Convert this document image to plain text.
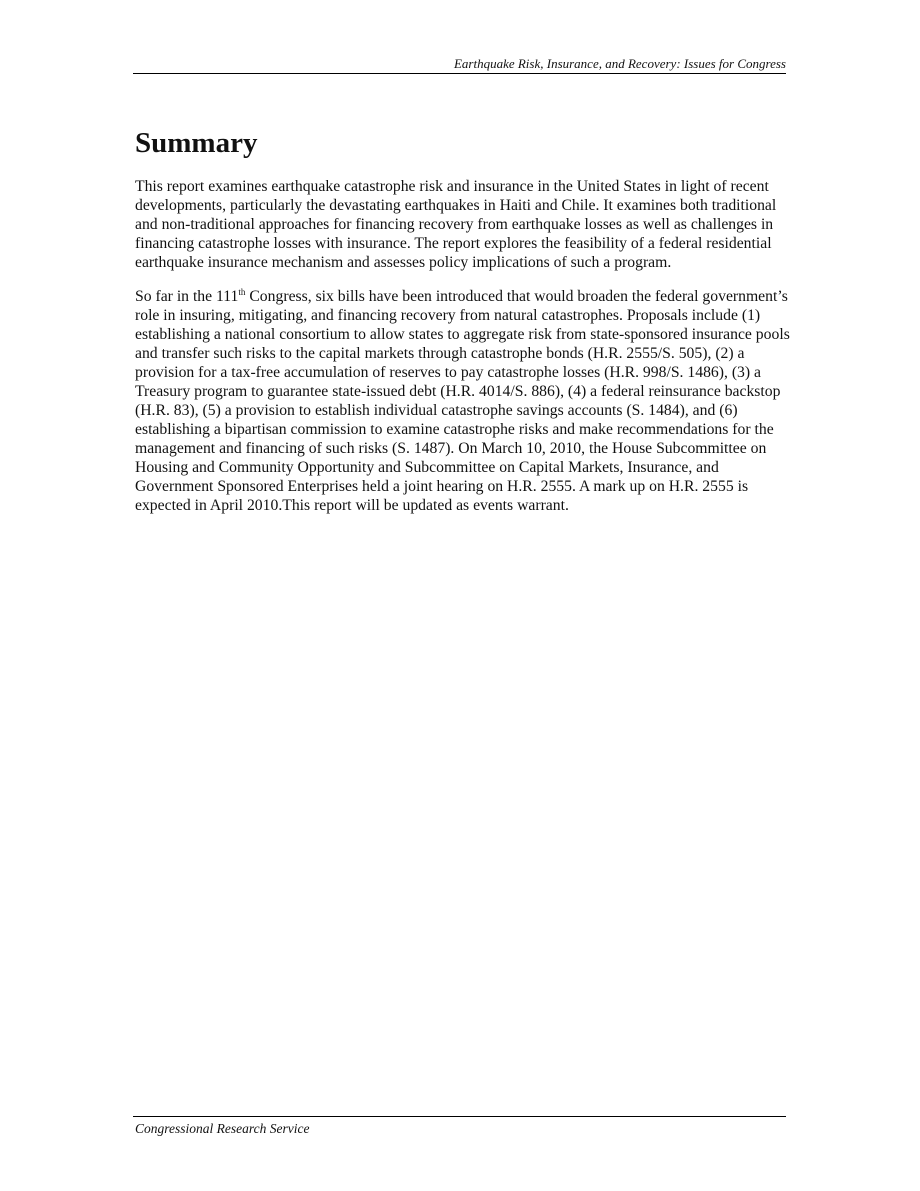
Earthquake Risk, Insurance, and Recovery: Issues for Congress
Summary

This report examines earthquake catastrophe risk and insurance in the United States in light of recent developments, particularly the devastating earthquakes in Haiti and Chile. It examines both traditional and non-traditional approaches for financing recovery from earthquake losses as well as challenges in financing catastrophe losses with insurance. The report explores the feasibility of a federal residential earthquake insurance mechanism and assesses policy implications of such a program.

So far in the 111th Congress, six bills have been introduced that would broaden the federal government’s role in insuring, mitigating, and financing recovery from natural catastrophes. Proposals include (1) establishing a national consortium to allow states to aggregate risk from state-sponsored insurance pools and transfer such risks to the capital markets through catastrophe bonds (H.R. 2555/S. 505), (2) a provision for a tax-free accumulation of reserves to pay catastrophe losses (H.R. 998/S. 1486), (3) a Treasury program to guarantee state-issued debt (H.R. 4014/S. 886), (4) a federal reinsurance backstop (H.R. 83), (5) a provision to establish individual catastrophe savings accounts (S. 1484), and (6) establishing a bipartisan commission to examine catastrophe risks and make recommendations for the management and financing of such risks (S. 1487). On March 10, 2010, the House Subcommittee on Housing and Community Opportunity and Subcommittee on Capital Markets, Insurance, and Government Sponsored Enterprises held a joint hearing on H.R. 2555. A mark up on H.R. 2555 is expected in April 2010.This report will be updated as events warrant.

Congressional Research Service
